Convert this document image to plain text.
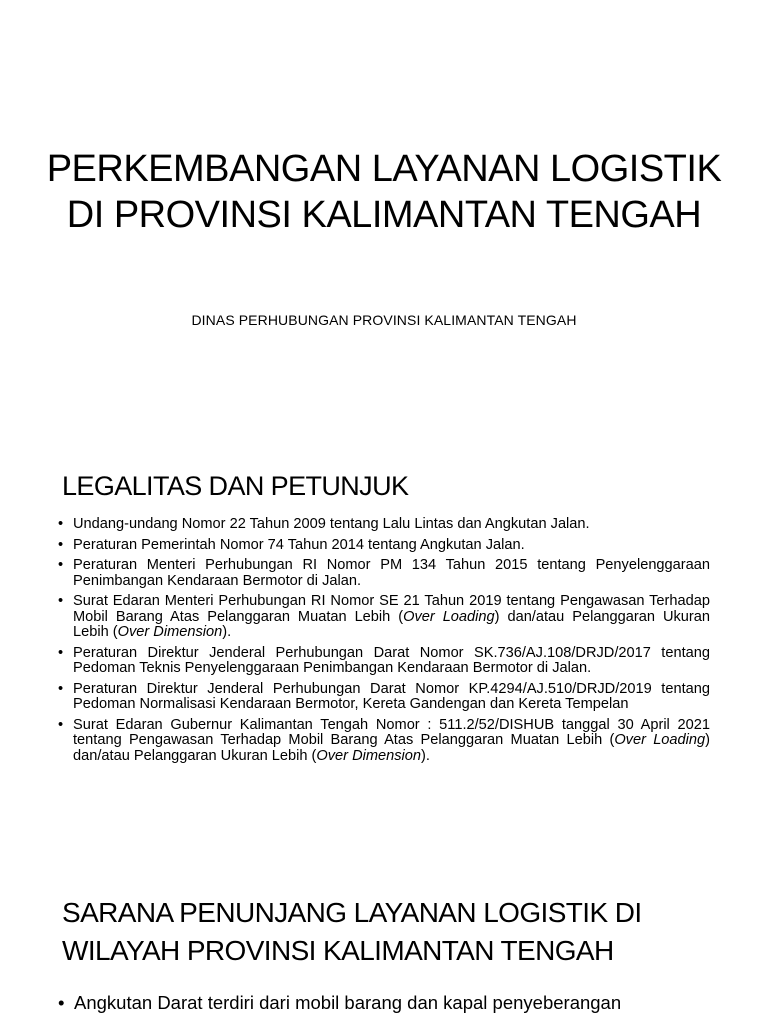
PERKEMBANGAN LAYANAN LOGISTIK
DI PROVINSI KALIMANTAN TENGAH
DINAS PERHUBUNGAN PROVINSI KALIMANTAN TENGAH
LEGALITAS DAN PETUNJUK
• Undang-undang Nomor 22 Tahun 2009 tentang Lalu Lintas dan Angkutan Jalan.
• Peraturan Pemerintah Nomor 74 Tahun 2014 tentang Angkutan Jalan.
• Peraturan Menteri Perhubungan RI Nomor PM 134 Tahun 2015 tentang Penyelenggaraan Penimbangan Kendaraan Bermotor di Jalan.
• Surat Edaran Menteri Perhubungan RI Nomor SE 21 Tahun 2019 tentang Pengawasan Terhadap Mobil Barang Atas Pelanggaran Muatan Lebih (Over Loading) dan/atau Pelanggaran Ukuran Lebih (Over Dimension).
• Peraturan Direktur Jenderal Perhubungan Darat Nomor SK.736/AJ.108/DRJD/2017 tentang Pedoman Teknis Penyelenggaraan Penimbangan Kendaraan Bermotor di Jalan.
• Peraturan Direktur Jenderal Perhubungan Darat Nomor KP.4294/AJ.510/DRJD/2019 tentang Pedoman Normalisasi Kendaraan Bermotor, Kereta Gandengan dan Kereta Tempelan
• Surat Edaran Gubernur Kalimantan Tengah Nomor : 511.2/52/DISHUB tanggal 30 April 2021 tentang Pengawasan Terhadap Mobil Barang Atas Pelanggaran Muatan Lebih (Over Loading) dan/atau Pelanggaran Ukuran Lebih (Over Dimension).
SARANA PENUNJANG LAYANAN LOGISTIK DI
WILAYAH PROVINSI KALIMANTAN TENGAH
• Angkutan Darat terdiri dari mobil barang dan kapal penyeberangan
